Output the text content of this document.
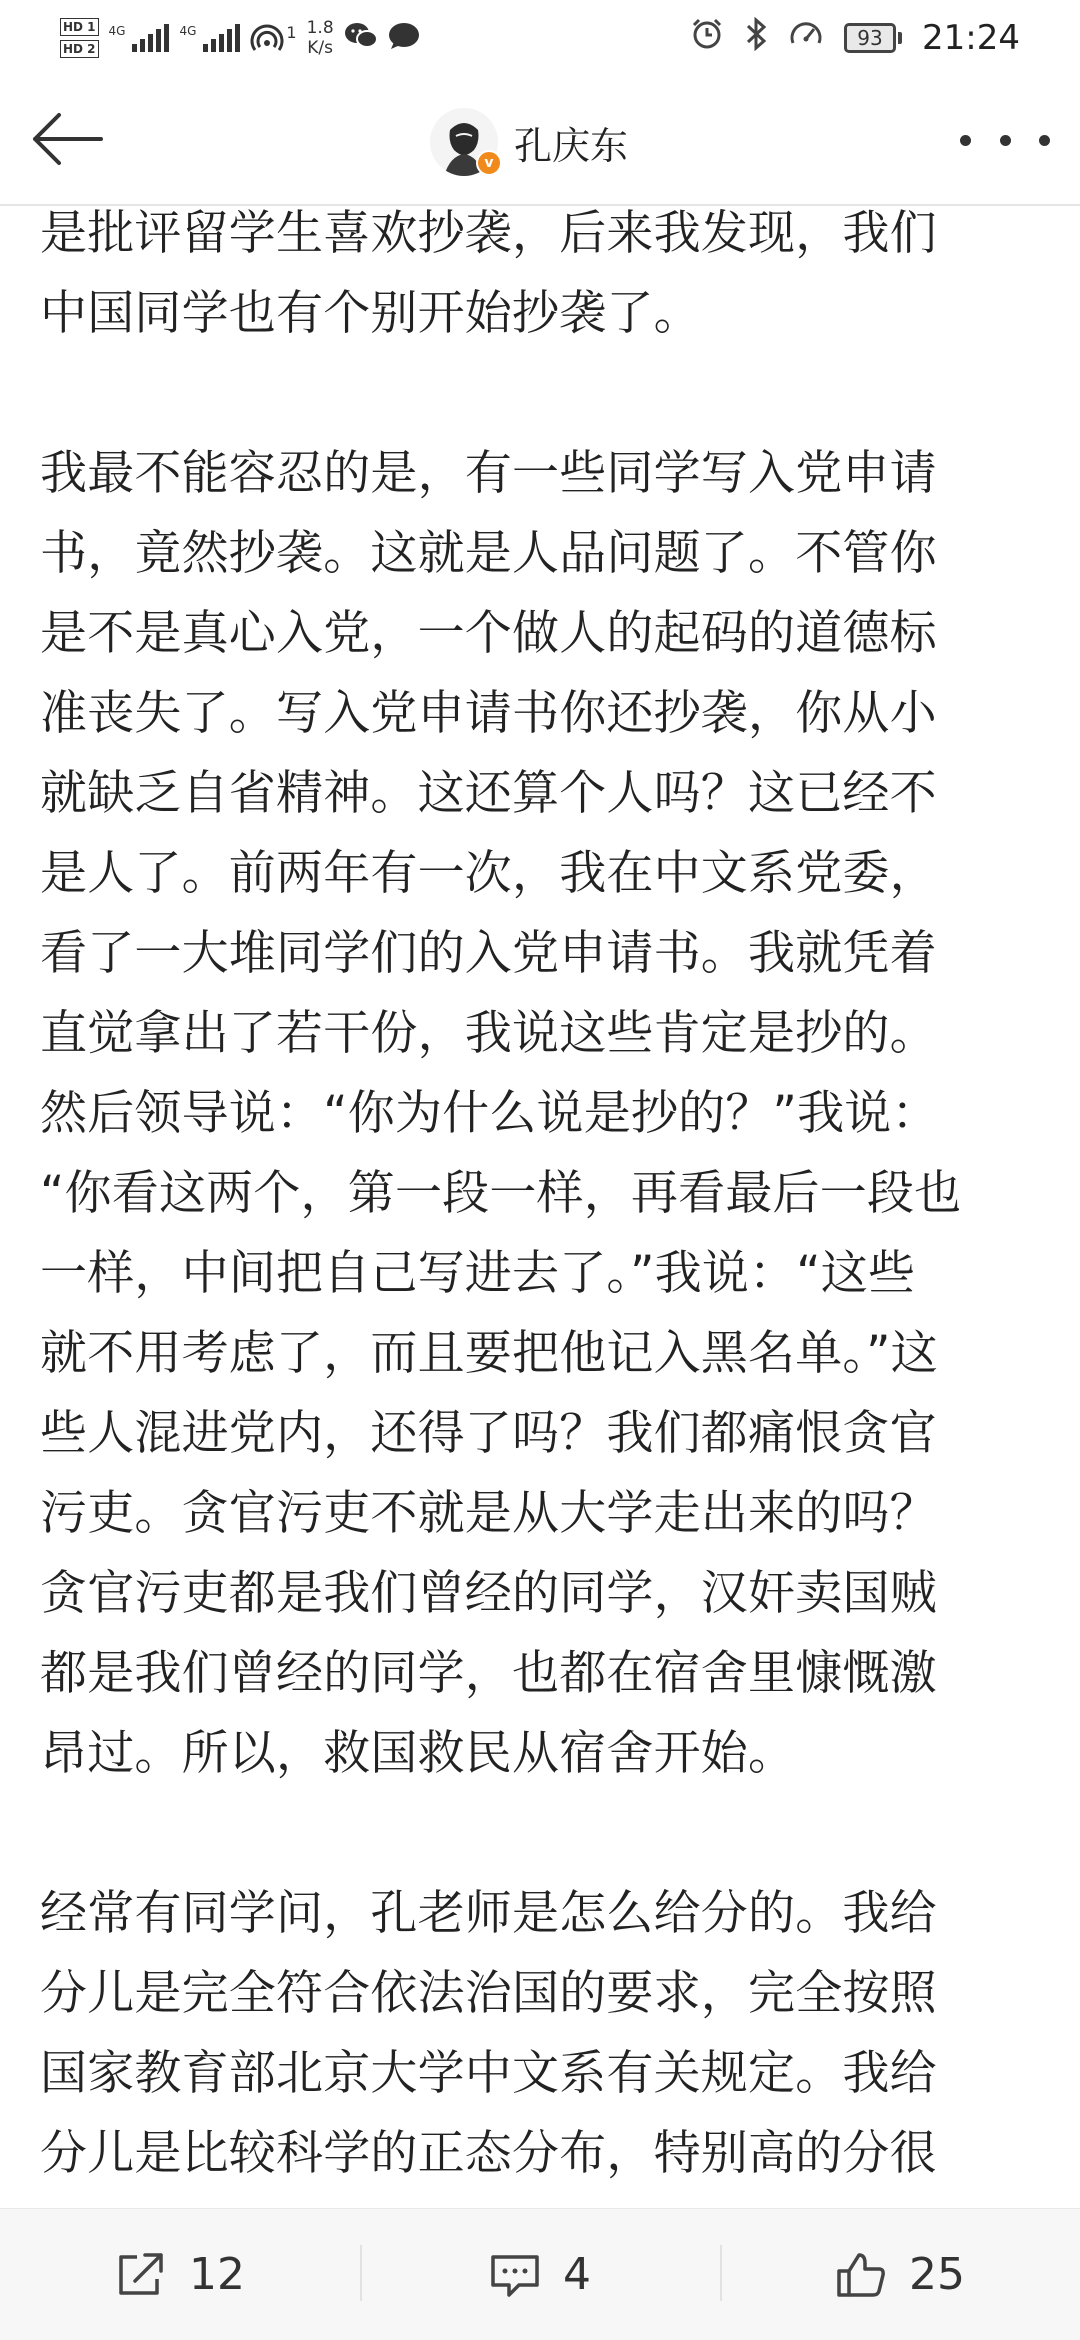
HD 1
HD 2
4G	4G	1 1.8
K/s	93 21:24
v 孔庆东

是批评留学生喜欢抄袭，后来我发现，我们
中国同学也有个别开始抄袭了。

我最不能容忍的是，有一些同学写入党申请
书，竟然抄袭。这就是人品问题了。不管你
是不是真心入党，一个做人的起码的道德标
准丧失了。写入党申请书你还抄袭，你从小
就缺乏自省精神。这还算个人吗？这已经不
是人了。前两年有一次，我在中文系党委，
看了一大堆同学们的入党申请书。我就凭着
直觉拿出了若干份，我说这些肯定是抄的。
然后领导说：“你为什么说是抄的？”我说：
“你看这两个，第一段一样，再看最后一段也
一样，中间把自己写进去了。”我说：“这些
就不用考虑了，而且要把他记入黑名单。”这
些人混进党内，还得了吗？我们都痛恨贪官
污吏。贪官污吏不就是从大学走出来的吗？
贪官污吏都是我们曾经的同学，汉奸卖国贼
都是我们曾经的同学，也都在宿舍里慷慨激
昂过。所以，救国救民从宿舍开始。

经常有同学问，孔老师是怎么给分的。我给
分儿是完全符合依法治国的要求，完全按照
国家教育部北京大学中文系有关规定。我给
分儿是比较科学的正态分布，特别高的分很

12	4	25
